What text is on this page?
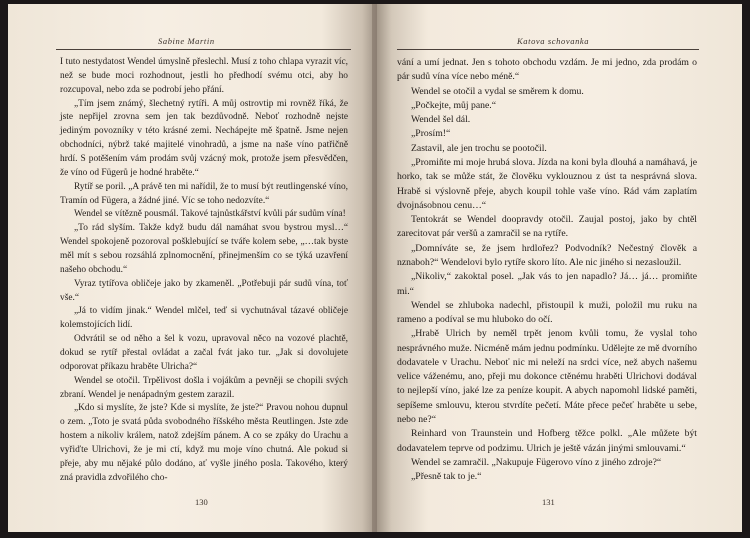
Sabine Martin

I tuto nestydatost Wendel úmyslně přeslechl. Musí z toho chlapa vyrazit víc, než se bude moci rozhodnout, jestli ho předhodí svému otci, aby ho rozcupoval, nebo zda se podrobí jeho přání.

„Tím jsem známý, šlechetný rytíři. A můj ostrovtip mi rovněž říká, že jste nepřijel zrovna sem jen tak bezdůvodně. Neboť rozhodně nejste jediným povozníky v této krásné zemi. Nechápejte mě špatně. Jsme nejen obchodníci, nýbrž také majitelé vinohradů, a jsme na naše víno patřičně hrdí. S potěšením vám prodám svůj vzácný mok, protože jsem přesvědčen, že víno od Fügerů je hodné hraběte.“

Rytíř se poril. „A právě ten mi nařídil, že to musí být reutlingenské víno, Tramín od Fügera, a žádné jiné. Víc se toho nedozvíte.“

Wendel se vítězně pousmál. Takové tajnůstkářství kvůli pár sudům vína!

„To rád slyším. Takže když budu dál namáhat svou bystrou mysl…“ Wendel spokojeně pozoroval pošklebující se tváře kolem sebe, „…tak byste měl mít s sebou rozsáhlá zplnomocnění, přinejmenším co se týká uzavření našeho obchodu.“

Vyraz tytířova obličeje jako by zkameněl. „Potřebuji pár sudů vína, toť vše.“

„Já to vidím jinak.“ Wendel mlčel, teď si vychutnával tázavé obličeje kolemstojících lidí.

Odvrátil se od něho a šel k vozu, upravoval něco na vozové plachtě, dokud se rytíř přestal ovládat a začal fvát jako tur. „Jak si dovolujete odporovat příkazu hraběte Ulricha?“

Wendel se otočil. Trpělivost došla i vojákům a pevněji se chopili svých zbraní. Wendel je nenápadným gestem zarazil.

„Kdo si myslíte, že jste? Kde si myslíte, že jste?“ Pravou nohou dupnul o zem. „Toto je svatá půda svobodného říšského města Reutlingen. Jste zde hostem a nikoliv králem, natož zdejším pánem. A co se zpáky do Urachu a vyřiďte Ulrichovi, že je mi ctí, když mu moje víno chutná. Ale pokud si přeje, aby mu nějaké půlo dodáno, ať vyšle jiného posla. Takového, který zná pravidla zdvořilého cho-

130
Katova schovanka

vání a umí jednat. Jen s tohoto obchodu vzdám. Je mi jedno, zda prodám o pár sudů vína více nebo méně.“

Wendel se otočil a vydal se směrem k domu.

„Počkejte, můj pane.“

Wendel šel dál.

„Prosím!“

Zastavil, ale jen trochu se pootočil.

„Promiňte mi moje hrubá slova. Jízda na koni byla dlouhá a namáhavá, je horko, tak se může stát, že člověku vyklouznou z úst ta nesprávná slova. Hrabě si výslovně přeje, abych koupil tohle vaše víno. Rád vám zaplatím dvojnásobnou cenu…“

Tentokrát se Wendel doopravdy otočil. Zaujal postoj, jako by chtěl zarecitovat pár veršů a zamračil se na rytíře.

„Domníváte se, že jsem hrdlořez? Podvodník? Nečestný člověk a nznaboh?“ Wendelovi bylo rytíře skoro líto. Ale nic jiného si nezasloužil.

„Nikoliv,“ zakoktal posel. „Jak vás to jen napadlo? Já… já… promiňte mi.“

Wendel se zhluboka nadechl, přistoupil k muži, položil mu ruku na rameno a podíval se mu hluboko do očí.

„Hrabě Ulrich by neměl trpět jenom kvůli tomu, že vyslal toho nesprávného muže. Nicméně mám jednu podmínku. Udělejte ze mě dvorního dodavatele v Urachu. Neboť nic mi neleží na srdci více, než abych našemu velice váženému, ano, přeji mu dokonce ctěnému hraběti Ulrichovi dodával to nejlepší víno, jaké lze za peníze koupit. A abych napomohl lidské paměti, sepíšeme smlouvu, kterou stvrdíte pečetí. Máte přece pečeť hraběte u sebe, nebo ne?“

Reinhard von Traunstein und Hofberg těžce polkl. „Ale můžete být dodavatelem teprve od podzimu. Ulrich je ještě vázán jinými smlouvami.“

Wendel se zamračil. „Nakupuje Fügerovo víno z jiného zdroje?“

„Přesně tak to je.“

131
